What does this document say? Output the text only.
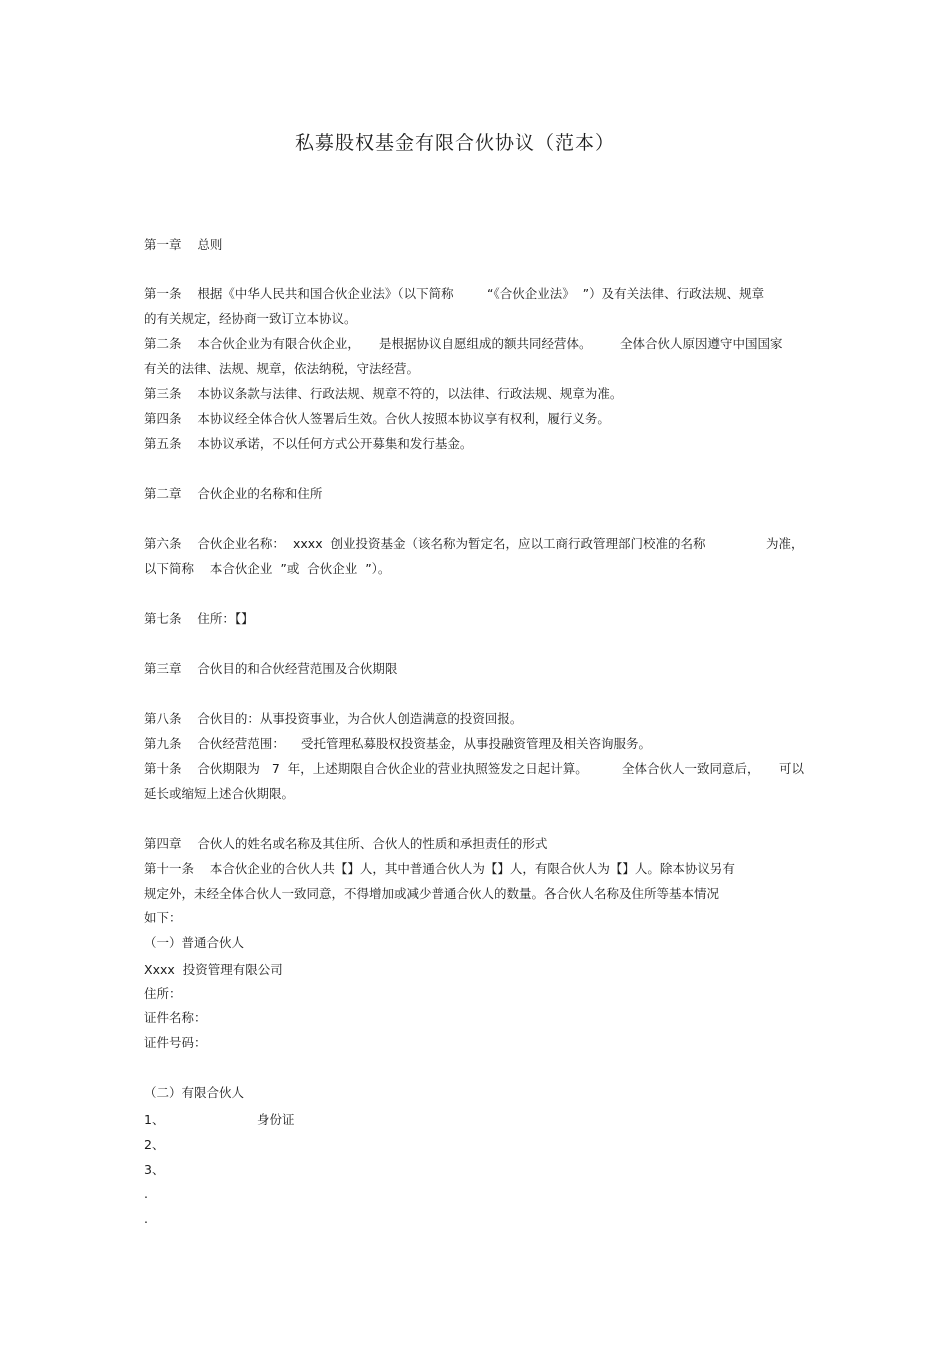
私募股权基金有限合伙协议（范本）
第一章    总则
第一条    根据《中华人民共和国合伙企业法》（以下简称	“《合伙企业法》  ”）及有关法律、行政法规、规章
的有关规定，经协商一致订立本协议。
第二条    本合伙企业为有限合伙企业， 是根据协议自愿组成的额共同经营体。 全体合伙人原因遵守中国国家
有关的法律、法规、规章，依法纳税，守法经营。
第三条    本协议条款与法律、行政法规、规章不符的，以法律、行政法规、规章为准。
第四条    本协议经全体合伙人签署后生效。合伙人按照本协议享有权利，履行义务。
第五条    本协议承诺，不以任何方式公开募集和发行基金。
第二章    合伙企业的名称和住所
第六条    合伙企业名称： xxxx  创业投资基金（该名称为暂定名，应以工商行政管理部门校准的名称	为准，
以下简称    本合伙企业  ”或  合伙企业  ”）。
第七条    住所：【】
第三章    合伙目的和合伙经营范围及合伙期限
第八条    合伙目的：从事投资事业，为合伙人创造满意的投资回报。
第九条    合伙经营范围： 受托管理私募股权投资基金，从事投融资管理及相关咨询服务。
第十条    合伙期限为   7  年，上述期限自合伙企业的营业执照签发之日起计算。	全体合伙人一致同意后， 可以
延长或缩短上述合伙期限。
第四章    合伙人的姓名或名称及其住所、合伙人的性质和承担责任的形式
第十一条    本合伙企业的合伙人共【】人，其中普通合伙人为【】人，有限合伙人为【】人。除本协议另有
规定外，未经全体合伙人一致同意，不得增加或减少普通合伙人的数量。各合伙人名称及住所等基本情况
如下：
（一）普通合伙人
Xxxx  投资管理有限公司
住所：
证件名称：
证件号码：
（二）有限合伙人
1、	身份证
2、
3、
.
.
